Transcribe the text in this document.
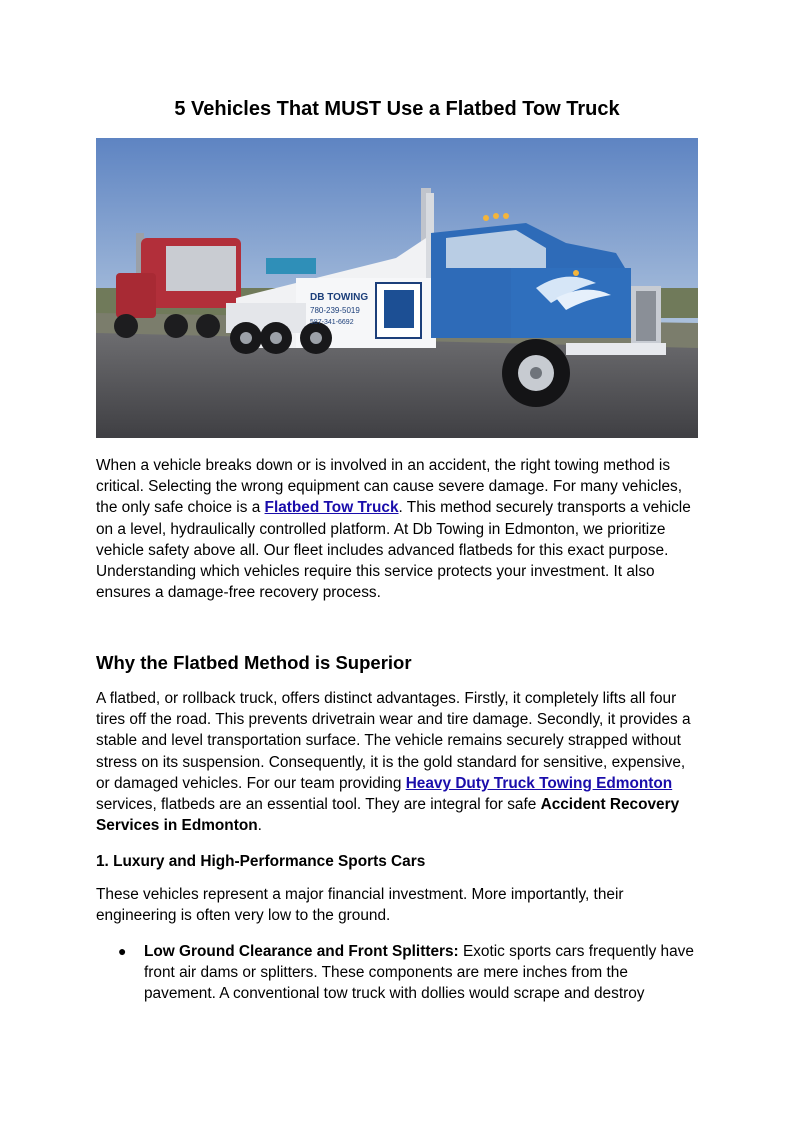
5 Vehicles That MUST Use a Flatbed Tow Truck
DB TOWING
780-239-5019
587-341-6692

When a vehicle breaks down or is involved in an accident, the right towing method is critical. Selecting the wrong equipment can cause severe damage. For many vehicles, the only safe choice is a Flatbed Tow Truck. This method securely transports a vehicle on a level, hydraulically controlled platform. At Db Towing in Edmonton, we prioritize vehicle safety above all. Our fleet includes advanced flatbeds for this exact purpose. Understanding which vehicles require this service protects your investment. It also ensures a damage-free recovery process.

Why the Flatbed Method is Superior

A flatbed, or rollback truck, offers distinct advantages. Firstly, it completely lifts all four tires off the road. This prevents drivetrain wear and tire damage. Secondly, it provides a stable and level transportation surface. The vehicle remains securely strapped without stress on its suspension. Consequently, it is the gold standard for sensitive, expensive, or damaged vehicles. For our team providing Heavy Duty Truck Towing Edmonton services, flatbeds are an essential tool. They are integral for safe Accident Recovery Services in Edmonton.

1. Luxury and High-Performance Sports Cars

These vehicles represent a major financial investment. More importantly, their engineering is often very low to the ground.

● Low Ground Clearance and Front Splitters: Exotic sports cars frequently have front air dams or splitters. These components are mere inches from the pavement. A conventional tow truck with dollies would scrape and destroy
